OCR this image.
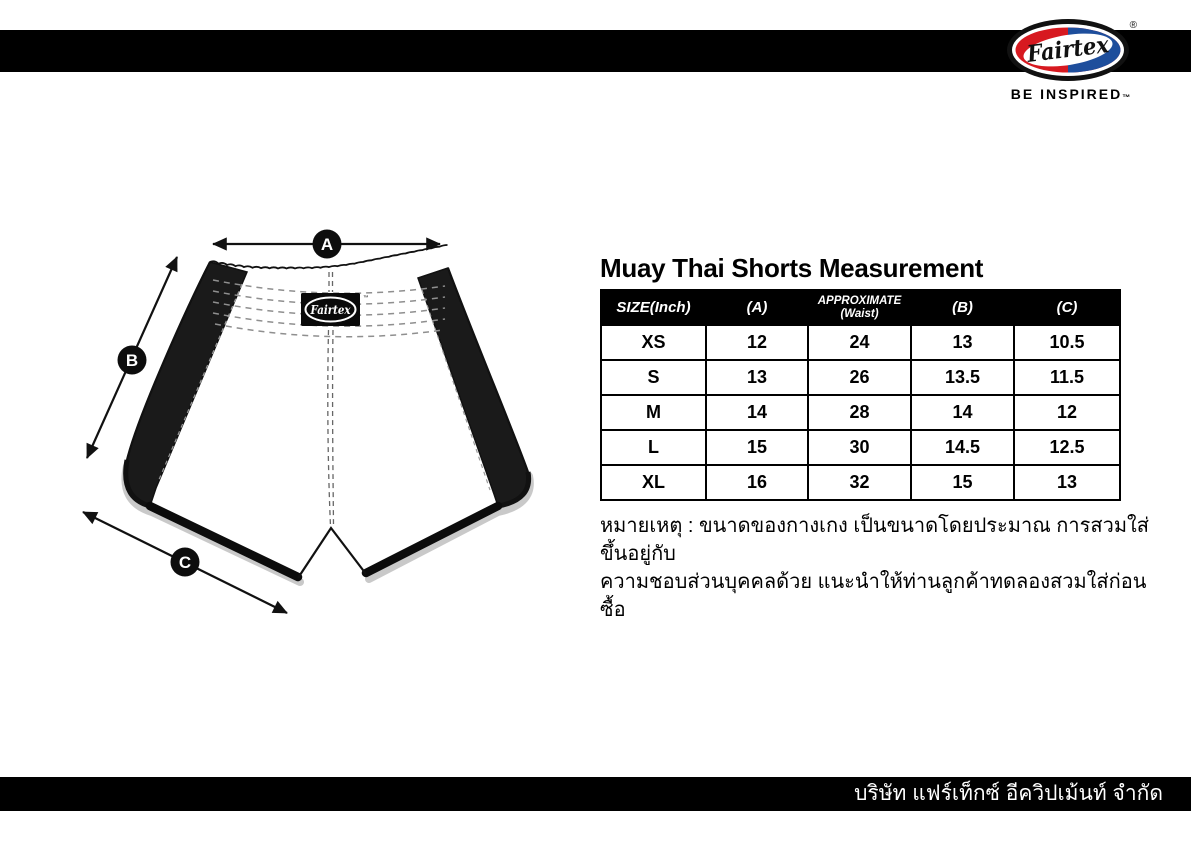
Fairtex
®
BE INSPIRED™
Fairtex
™
A
B
C
Muay Thai Shorts Measurement
SIZE(Inch)	(A)	APPROXIMATE
(Waist)	(B)	(C)
XS	12	24	13	10.5
S	13	26	13.5	11.5
M	14	28	14	12
L	15	30	14.5	12.5
XL	16	32	15	13
หมายเหตุ : ขนาดของกางเกง เป็นขนาดโดยประมาณ การสวมใส่ขึ้นอยู่กับ
ความชอบส่วนบุคคลด้วย แนะนำให้ท่านลูกค้าทดลองสวมใส่ก่อนซื้อ
บริษัท แฟร์เท็กซ์ อีควิปเม้นท์ จำกัด
